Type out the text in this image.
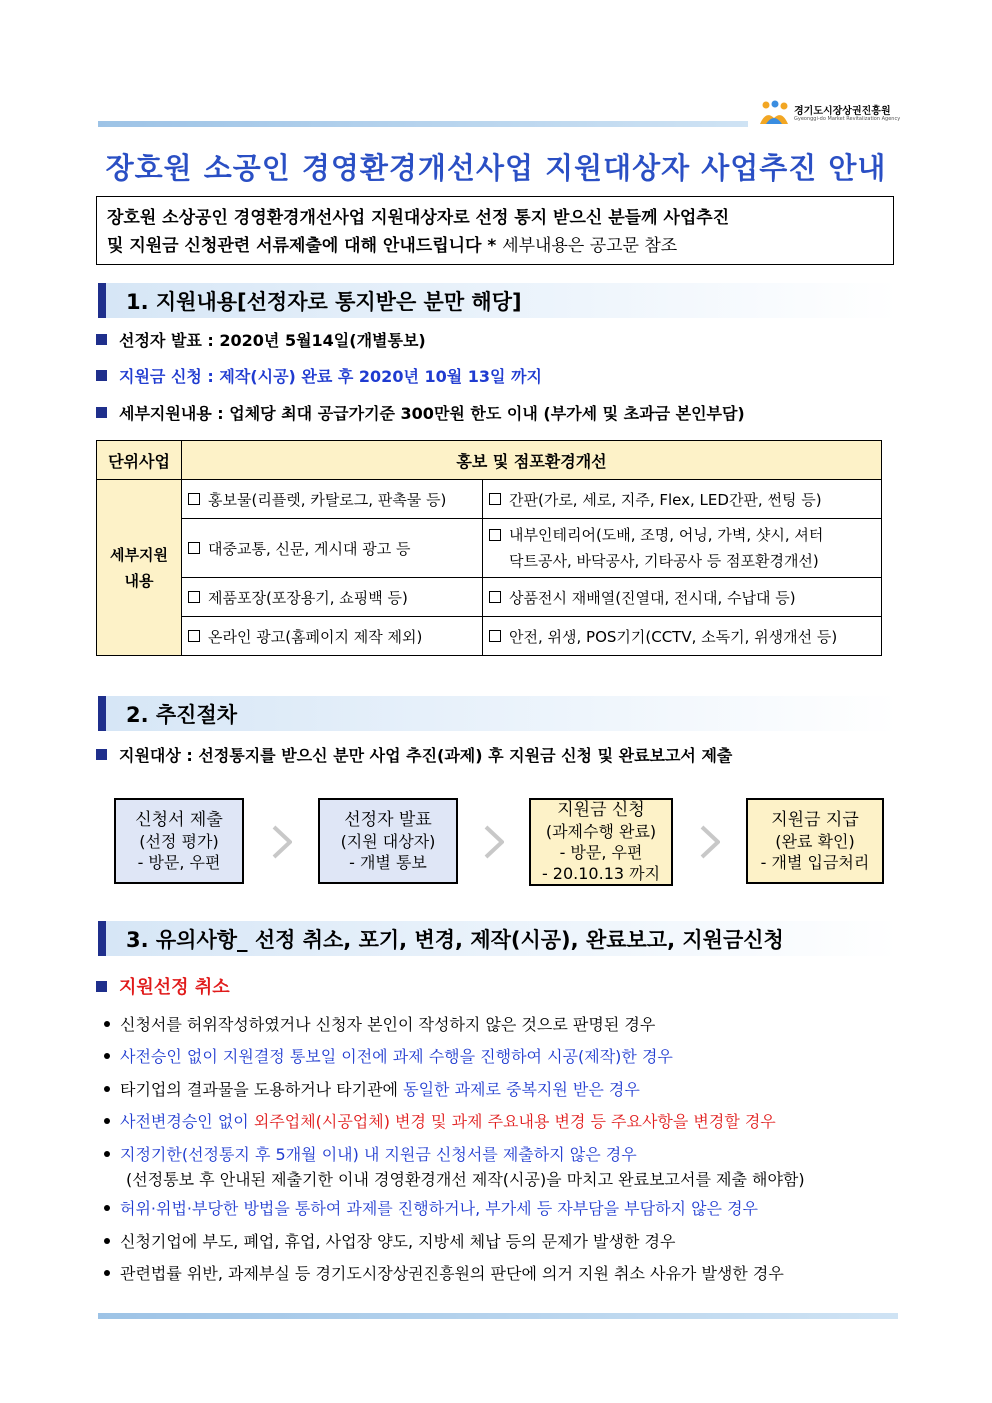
경기도시장상권진흥원
Gyeonggi-do Market Revitalization Agency
장호원 소공인 경영환경개선사업 지원대상자 사업추진 안내
장호원 소상공인 경영환경개선사업 지원대상자로 선정 통지 받으신 분들께 사업추진
및 지원금 신청관련 서류제출에 대해 안내드립니다 * 세부내용은 공고문 참조
1. 지원내용[선정자로 통지받은 분만 해당]
선정자 발표 : 2020년 5월14일(개별통보)
지원금 신청 : 제작(시공) 완료 후 2020년 10월 13일 까지
세부지원내용 : 업체당 최대 공급가기준 300만원 한도 이내 (부가세 및 초과금 본인부담)
단위사업	홍보 및 점포환경개선	

세부지원
내용	홍보물(리플렛, 카탈로그, 판촉물 등)	간판(가로, 세로, 지주, Flex, LED간판, 썬팅 등)
	대중교통, 신문, 게시대 광고 등	내부인테리어(도배, 조명, 어닝, 가벽, 샷시, 셔터
닥트공사, 바닥공사, 기타공사 등 점포환경개선)
	제품포장(포장용기, 쇼핑백 등)	상품전시 재배열(진열대, 전시대, 수납대 등)
	온라인 광고(홈페이지 제작 제외)	안전, 위생, POS기기(CCTV, 소독기, 위생개선 등)
2. 추진절차
지원대상 : 선정통지를 받으신 분만 사업 추진(과제) 후 지원금 신청 및 완료보고서 제출
신청서 제출
(선정 평가)
- 방문, 우편
선정자 발표
(지원 대상자)
- 개별 통보
지원금 신청
(과제수행 완료)
- 방문, 우편
- 20.10.13 까지
지원금 지급
(완료 확인)
- 개별 입금처리
3. 유의사항_ 선정 취소, 포기, 변경, 제작(시공), 완료보고, 지원금신청
지원선정 취소
신청서를 허위작성하였거나 신청자 본인이 작성하지 않은 것으로 판명된 경우
사전승인 없이 지원결정 통보일 이전에 과제 수행을 진행하여 시공(제작)한 경우
타기업의 결과물을 도용하거나 타기관에 동일한 과제로 중복지원 받은 경우
사전변경승인 없이 외주업체(시공업체) 변경 및 과제 주요내용 변경 등 주요사항을 변경할 경우
지정기한(선정통지 후 5개월 이내) 내 지원금 신청서를 제출하지 않은 경우
(선정통보 후 안내된 제출기한 이내 경영환경개선 제작(시공)을 마치고 완료보고서를 제출 해야함)
허위·위법·부당한 방법을 통하여 과제를 진행하거나, 부가세 등 자부담을 부담하지 않은 경우
신청기업에 부도, 폐업, 휴업, 사업장 양도, 지방세 체납 등의 문제가 발생한 경우
관련법률 위반, 과제부실 등 경기도시장상권진흥원의 판단에 의거 지원 취소 사유가 발생한 경우
